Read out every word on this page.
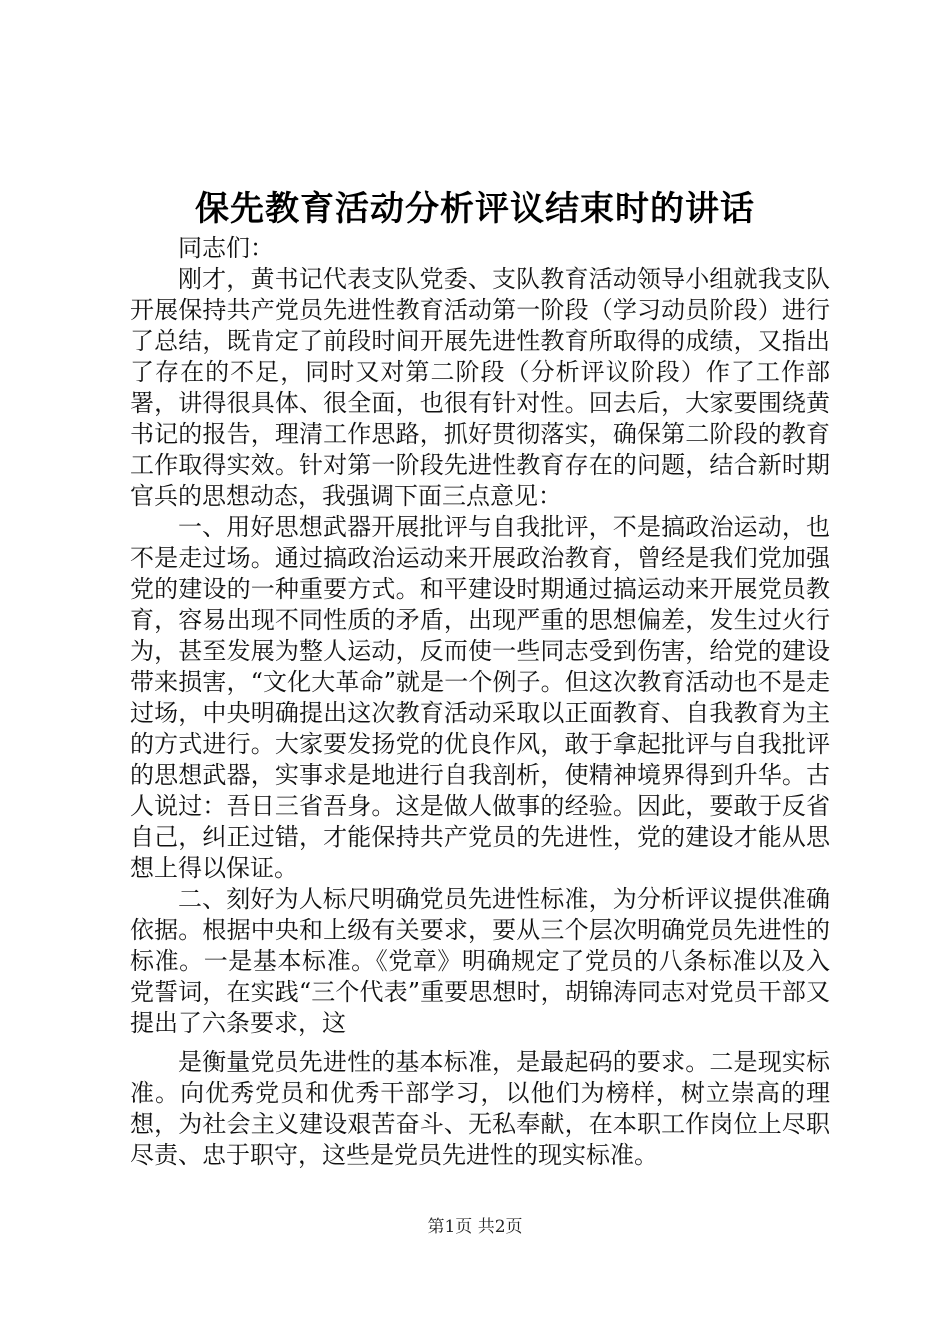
保先教育活动分析评议结束时的讲话

同志们：

刚才，黄书记代表支队党委、支队教育活动领导小组就我支队开展保持共产党员先进性教育活动第一阶段（学习动员阶段）进行了总结，既肯定了前段时间开展先进性教育所取得的成绩，又指出了存在的不足，同时又对第二阶段（分析评议阶段）作了工作部署，讲得很具体、很全面，也很有针对性。回去后，大家要围绕黄书记的报告，理清工作思路，抓好贯彻落实，确保第二阶段的教育工作取得实效。针对第一阶段先进性教育存在的问题，结合新时期官兵的思想动态，我强调下面三点意见：

一、用好思想武器开展批评与自我批评，不是搞政治运动，也不是走过场。通过搞政治运动来开展政治教育，曾经是我们党加强党的建设的一种重要方式。和平建设时期通过搞运动来开展党员教育，容易出现不同性质的矛盾，出现严重的思想偏差，发生过火行为，甚至发展为整人运动，反而使一些同志受到伤害，给党的建设带来损害，“文化大革命”就是一个例子。但这次教育活动也不是走过场，中央明确提出这次教育活动采取以正面教育、自我教育为主的方式进行。大家要发扬党的优良作风，敢于拿起批评与自我批评的思想武器，实事求是地进行自我剖析，使精神境界得到升华。古人说过：吾日三省吾身。这是做人做事的经验。因此，要敢于反省自己，纠正过错，才能保持共产党员的先进性，党的建设才能从思想上得以保证。

二、刻好为人标尺明确党员先进性标准，为分析评议提供准确依据。根据中央和上级有关要求，要从三个层次明确党员先进性的标准。一是基本标准。《党章》明确规定了党员的八条标准以及入党誓词，在实践“三个代表”重要思想时，胡锦涛同志对党员干部又提出了六条要求，这

是衡量党员先进性的基本标准，是最起码的要求。二是现实标准。向优秀党员和优秀干部学习，以他们为榜样，树立崇高的理想，为社会主义建设艰苦奋斗、无私奉献，在本职工作岗位上尽职尽责、忠于职守，这些是党员先进性的现实标准。

第1页 共2页
